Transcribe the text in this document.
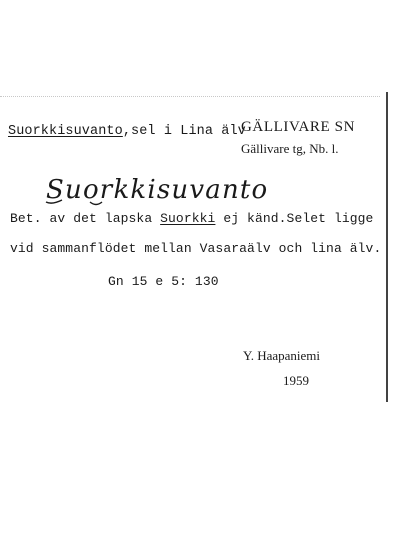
Suorkkisuvanto,sel i Lina älv
GÄLLIVARE SN
Gällivare tg, Nb. l.
Suorkkisuvanto
Bet. av det lapska Suorkki ej känd.Selet ligge
vid sammanflödet mellan Vasaraälv och lina älv.
Gn 15 e 5: 130
Y. Haapaniemi
1959
